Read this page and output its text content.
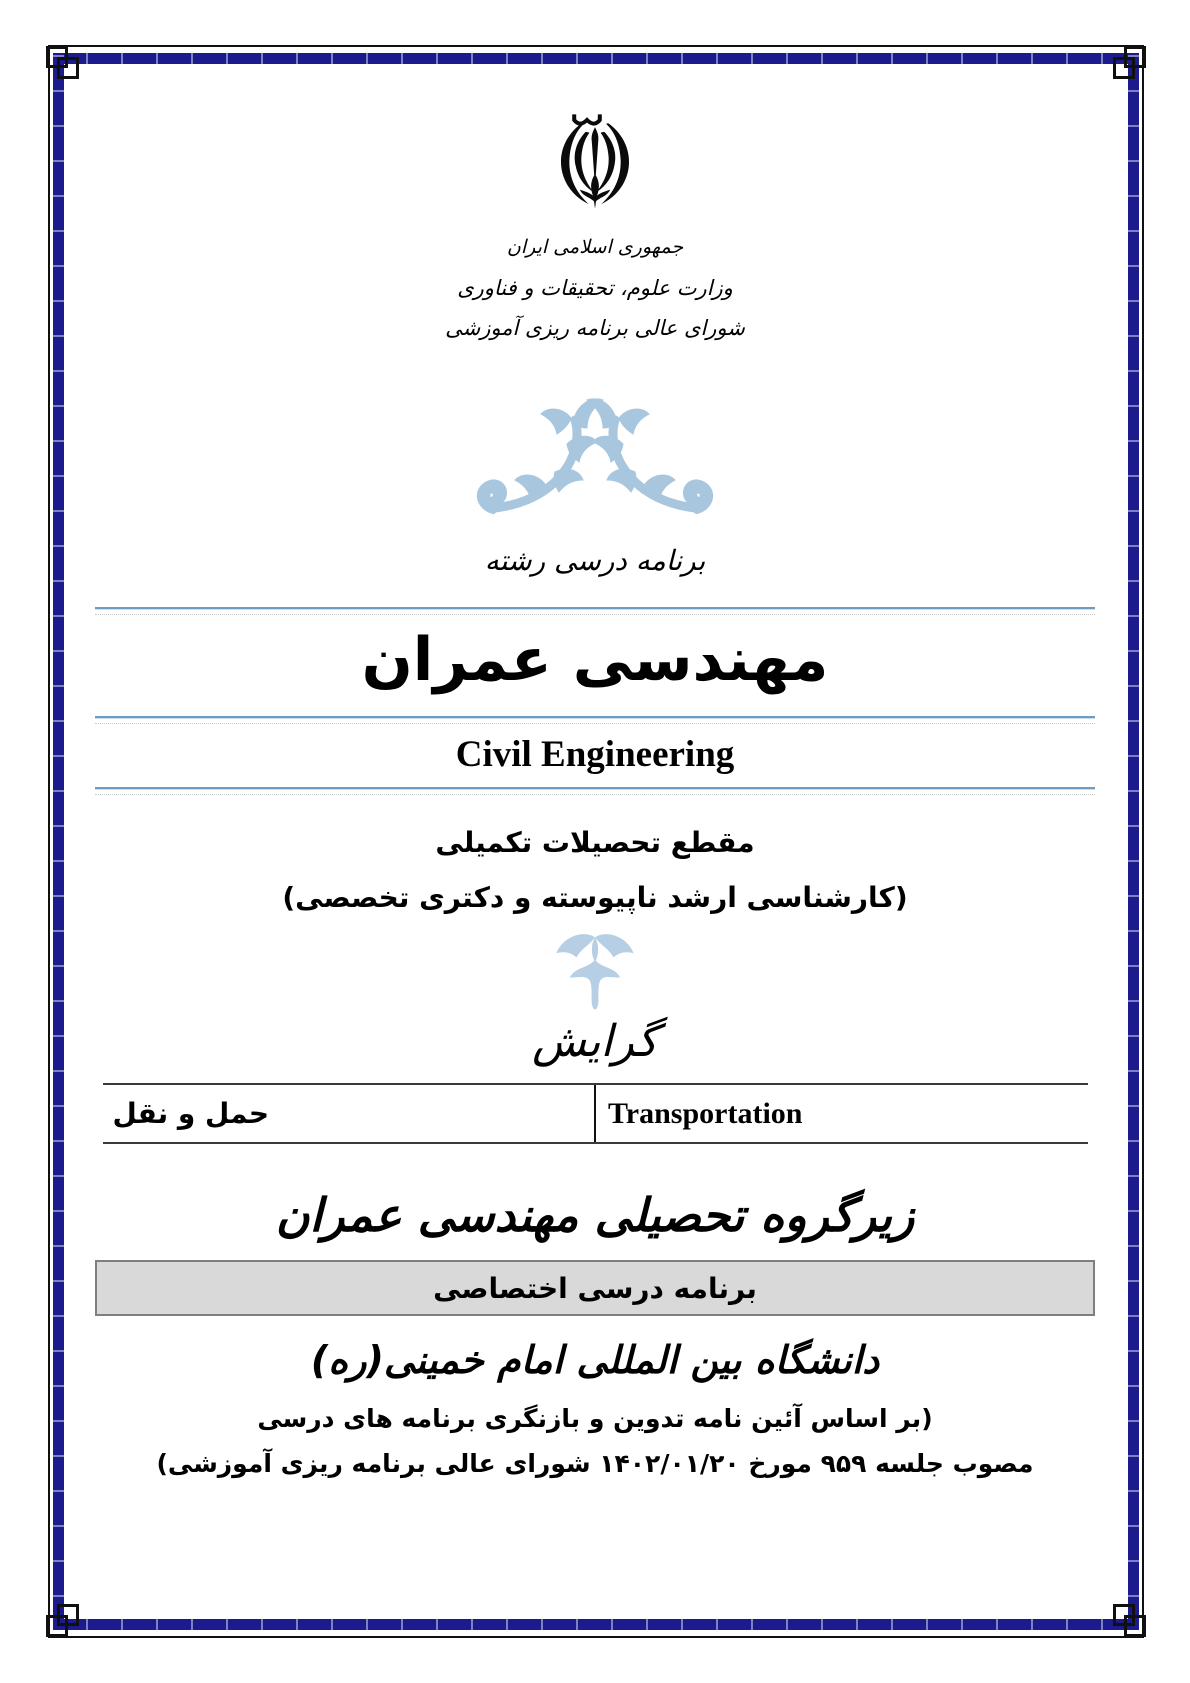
جمهوری اسلامی ایران
وزارت علوم، تحقیقات و فناوری
شورای عالی برنامه ریزی آموزشی
برنامه درسی رشته
مهندسی عمران
Civil Engineering
مقطع تحصیلات تکمیلی
(کارشناسی ارشد ناپیوسته و دکتری تخصصی)
گرایش
حمل و نقل	Transportation
زیرگروه تحصیلی مهندسی عمران
برنامه درسی اختصاصی
دانشگاه بین المللی امام خمینی(ره)
(بر اساس آئین نامه تدوین و بازنگری برنامه های درسی
مصوب جلسه ۹۵۹ مورخ ۱۴۰۲/۰۱/۲۰ شورای عالی برنامه ریزی آموزشی)
